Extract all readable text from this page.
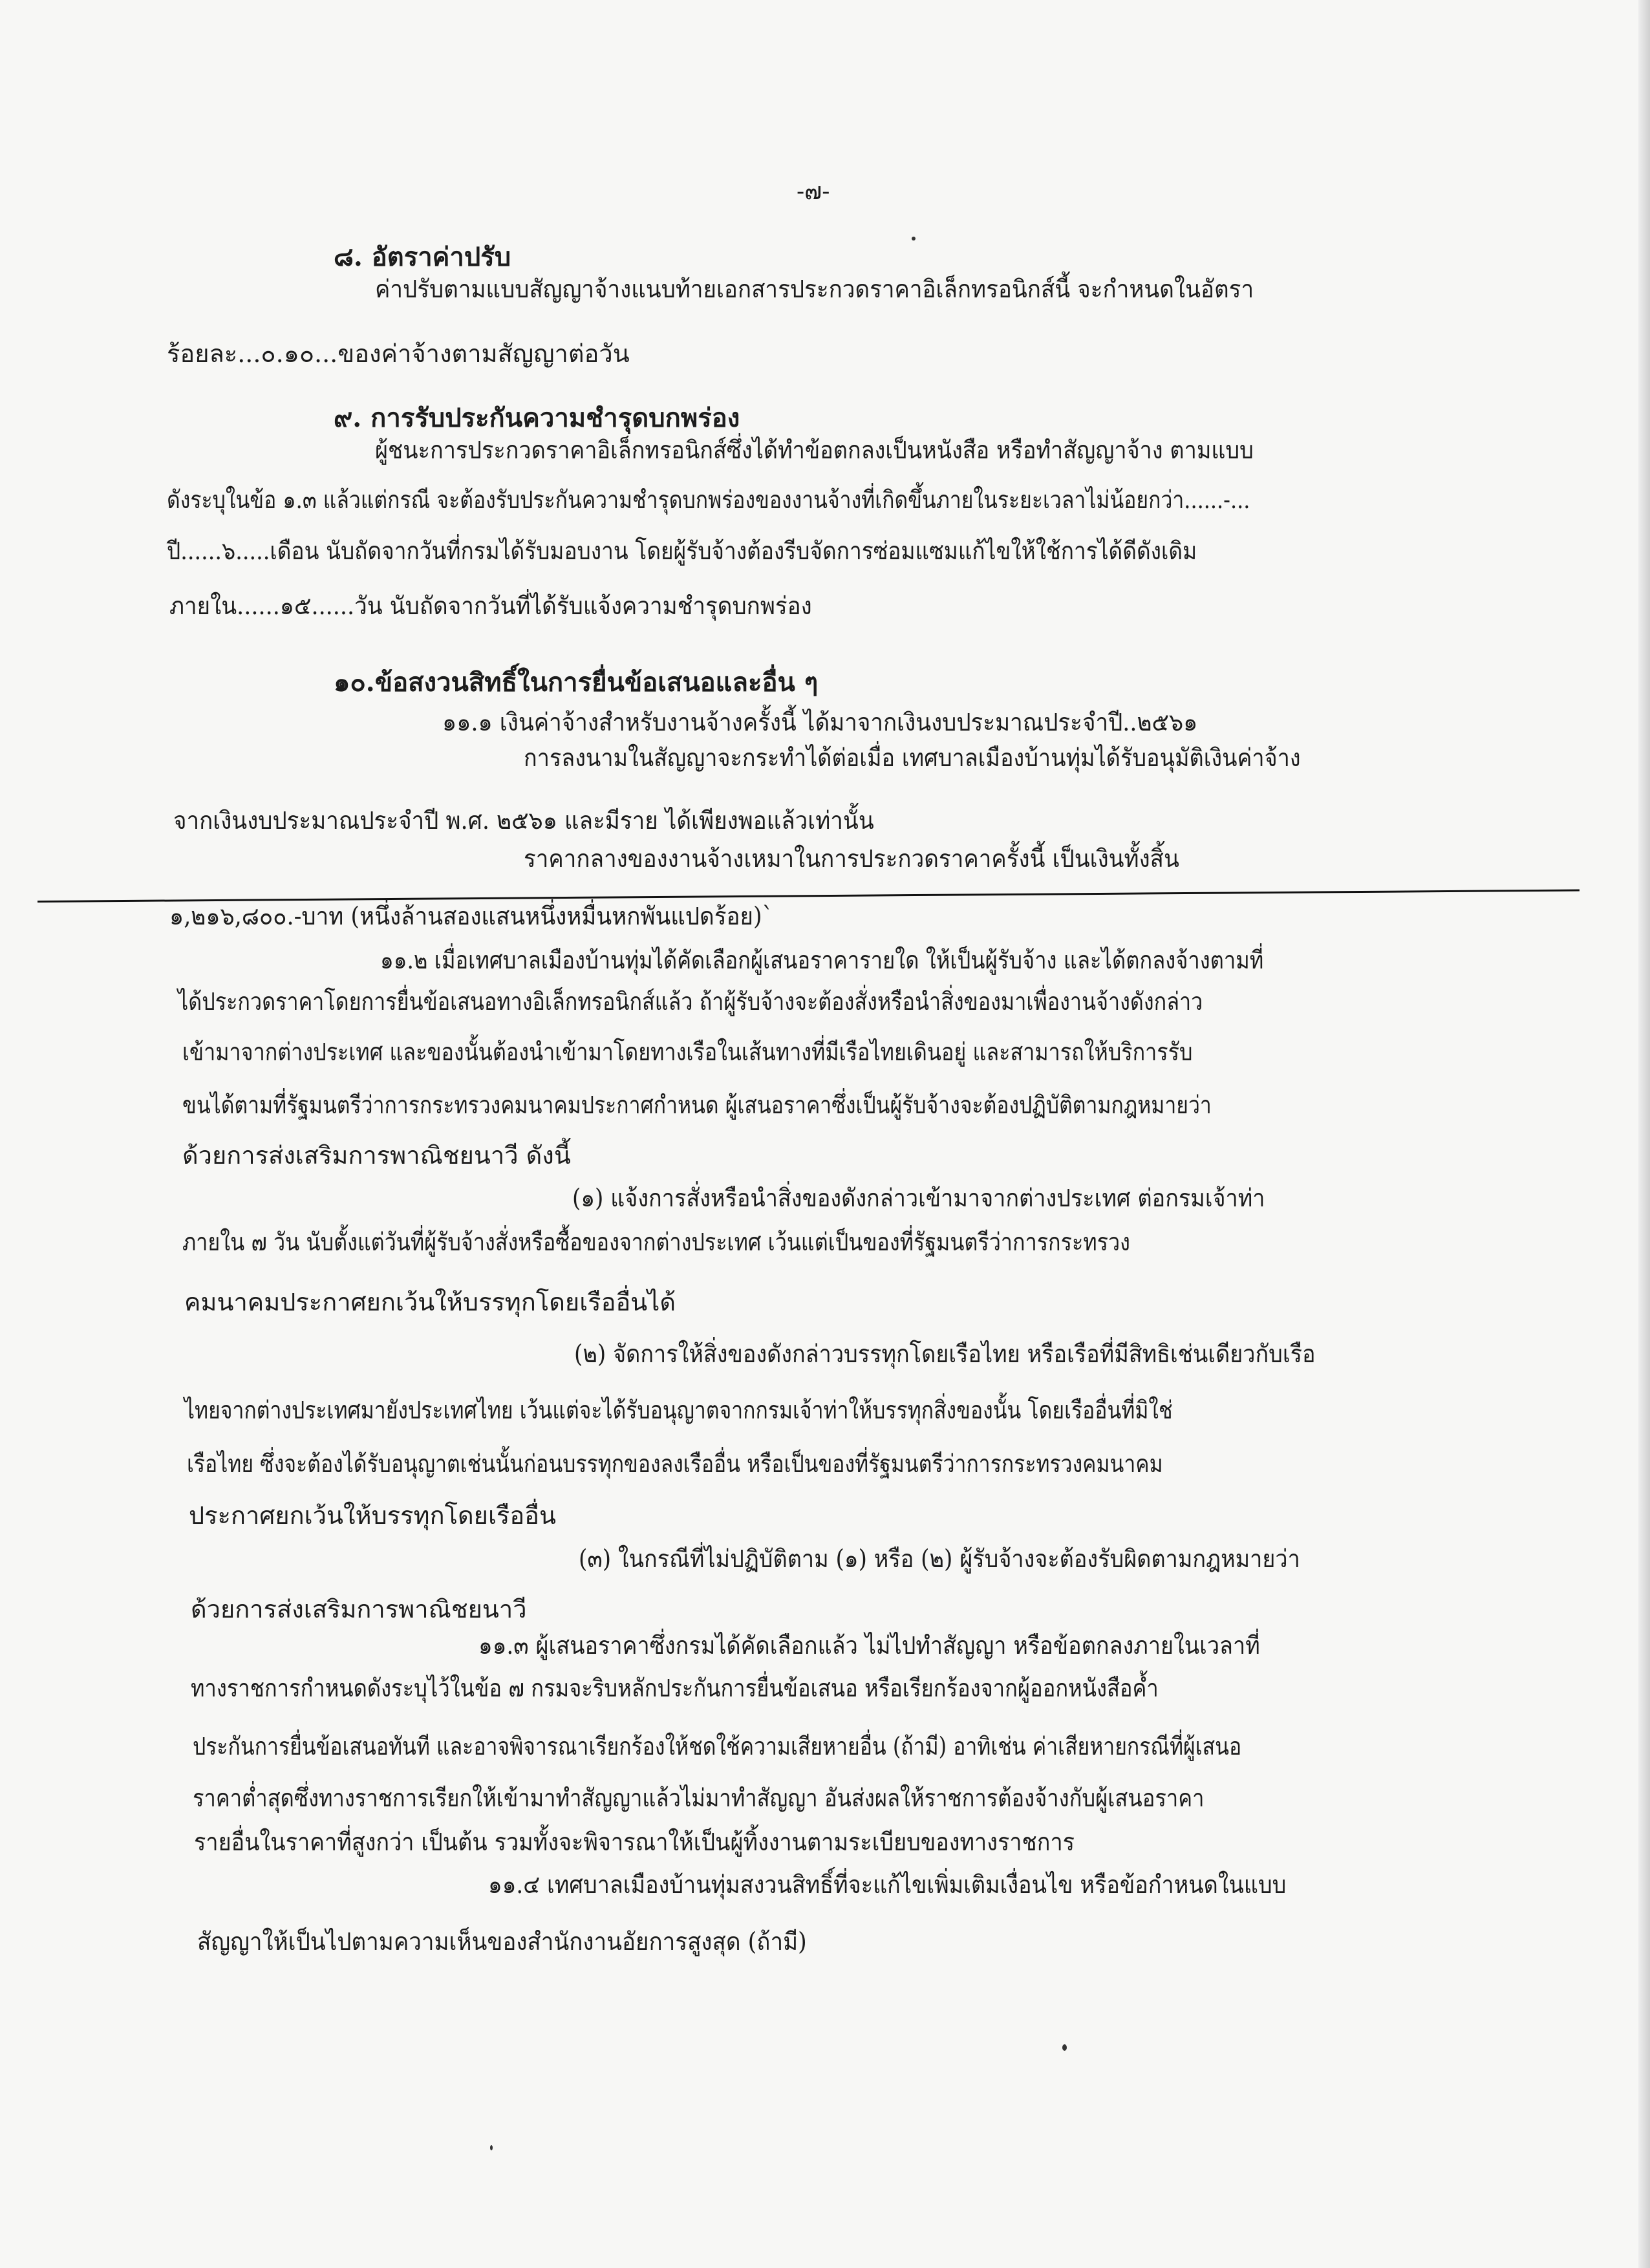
-๗-
๘. อัตราค่าปรับ
ค่าปรับตามแบบสัญญาจ้างแนบท้ายเอกสารประกวดราคาอิเล็กทรอนิกส์นี้ จะกำหนดในอัตรา
ร้อยละ...๐.๑๐...ของค่าจ้างตามสัญญาต่อวัน
๙. การรับประกันความชำรุดบกพร่อง
ผู้ชนะการประกวดราคาอิเล็กทรอนิกส์ซึ่งได้ทำข้อตกลงเป็นหนังสือ หรือทำสัญญาจ้าง ตามแบบ
ดังระบุในข้อ ๑.๓ แล้วแต่กรณี จะต้องรับประกันความชำรุดบกพร่องของงานจ้างที่เกิดขึ้นภายในระยะเวลาไม่น้อยกว่า......-...
ปี......๖.....เดือน นับถัดจากวันที่กรมได้รับมอบงาน โดยผู้รับจ้างต้องรีบจัดการซ่อมแซมแก้ไขให้ใช้การได้ดีดังเดิม
ภายใน......๑๕......วัน นับถัดจากวันที่ได้รับแจ้งความชำรุดบกพร่อง
๑๐.ข้อสงวนสิทธิ์ในการยื่นข้อเสนอและอื่น ๆ
๑๑.๑ เงินค่าจ้างสำหรับงานจ้างครั้งนี้ ได้มาจากเงินงบประมาณประจำปี..๒๕๖๑
การลงนามในสัญญาจะกระทำได้ต่อเมื่อ เทศบาลเมืองบ้านทุ่มได้รับอนุมัติเงินค่าจ้าง
จากเงินงบประมาณประจำปี พ.ศ. ๒๕๖๑ และมีราย ได้เพียงพอแล้วเท่านั้น
ราคากลางของงานจ้างเหมาในการประกวดราคาครั้งนี้ เป็นเงินทั้งสิ้น
๑,๒๑๖,๘๐๐.-บาท (หนึ่งล้านสองแสนหนึ่งหมื่นหกพันแปดร้อย)`
๑๑.๒ เมื่อเทศบาลเมืองบ้านทุ่มได้คัดเลือกผู้เสนอราคารายใด ให้เป็นผู้รับจ้าง และได้ตกลงจ้างตามที่
ได้ประกวดราคาโดยการยื่นข้อเสนอทางอิเล็กทรอนิกส์แล้ว ถ้าผู้รับจ้างจะต้องสั่งหรือนำสิ่งของมาเพื่องานจ้างดังกล่าว
เข้ามาจากต่างประเทศ และของนั้นต้องนำเข้ามาโดยทางเรือในเส้นทางที่มีเรือไทยเดินอยู่ และสามารถให้บริการรับ
ขนได้ตามที่รัฐมนตรีว่าการกระทรวงคมนาคมประกาศกำหนด ผู้เสนอราคาซึ่งเป็นผู้รับจ้างจะต้องปฏิบัติตามกฎหมายว่า
ด้วยการส่งเสริมการพาณิชยนาวี ดังนี้
(๑) แจ้งการสั่งหรือนำสิ่งของดังกล่าวเข้ามาจากต่างประเทศ ต่อกรมเจ้าท่า
ภายใน ๗ วัน นับตั้งแต่วันที่ผู้รับจ้างสั่งหรือซื้อของจากต่างประเทศ เว้นแต่เป็นของที่รัฐมนตรีว่าการกระทรวง
คมนาคมประกาศยกเว้นให้บรรทุกโดยเรืออื่นได้
(๒) จัดการให้สิ่งของดังกล่าวบรรทุกโดยเรือไทย หรือเรือที่มีสิทธิเช่นเดียวกับเรือ
ไทยจากต่างประเทศมายังประเทศไทย เว้นแต่จะได้รับอนุญาตจากกรมเจ้าท่าให้บรรทุกสิ่งของนั้น โดยเรืออื่นที่มิใช่
เรือไทย ซึ่งจะต้องได้รับอนุญาตเช่นนั้นก่อนบรรทุกของลงเรืออื่น หรือเป็นของที่รัฐมนตรีว่าการกระทรวงคมนาคม
ประกาศยกเว้นให้บรรทุกโดยเรืออื่น
(๓) ในกรณีที่ไม่ปฏิบัติตาม (๑) หรือ (๒) ผู้รับจ้างจะต้องรับผิดตามกฎหมายว่า
ด้วยการส่งเสริมการพาณิชยนาวี
๑๑.๓ ผู้เสนอราคาซึ่งกรมได้คัดเลือกแล้ว ไม่ไปทำสัญญา หรือข้อตกลงภายในเวลาที่
ทางราชการกำหนดดังระบุไว้ในข้อ ๗ กรมจะริบหลักประกันการยื่นข้อเสนอ หรือเรียกร้องจากผู้ออกหนังสือค้ำ
ประกันการยื่นข้อเสนอทันที และอาจพิจารณาเรียกร้องให้ชดใช้ความเสียหายอื่น (ถ้ามี) อาทิเช่น ค่าเสียหายกรณีที่ผู้เสนอ
ราคาต่ำสุดซึ่งทางราชการเรียกให้เข้ามาทำสัญญาแล้วไม่มาทำสัญญา อันส่งผลให้ราชการต้องจ้างกับผู้เสนอราคา
รายอื่นในราคาที่สูงกว่า เป็นต้น รวมทั้งจะพิจารณาให้เป็นผู้ทิ้งงานตามระเบียบของทางราชการ
๑๑.๔ เทศบาลเมืองบ้านทุ่มสงวนสิทธิ์ที่จะแก้ไขเพิ่มเติมเงื่อนไข หรือข้อกำหนดในแบบ
สัญญาให้เป็นไปตามความเห็นของสำนักงานอัยการสูงสุด (ถ้ามี)
